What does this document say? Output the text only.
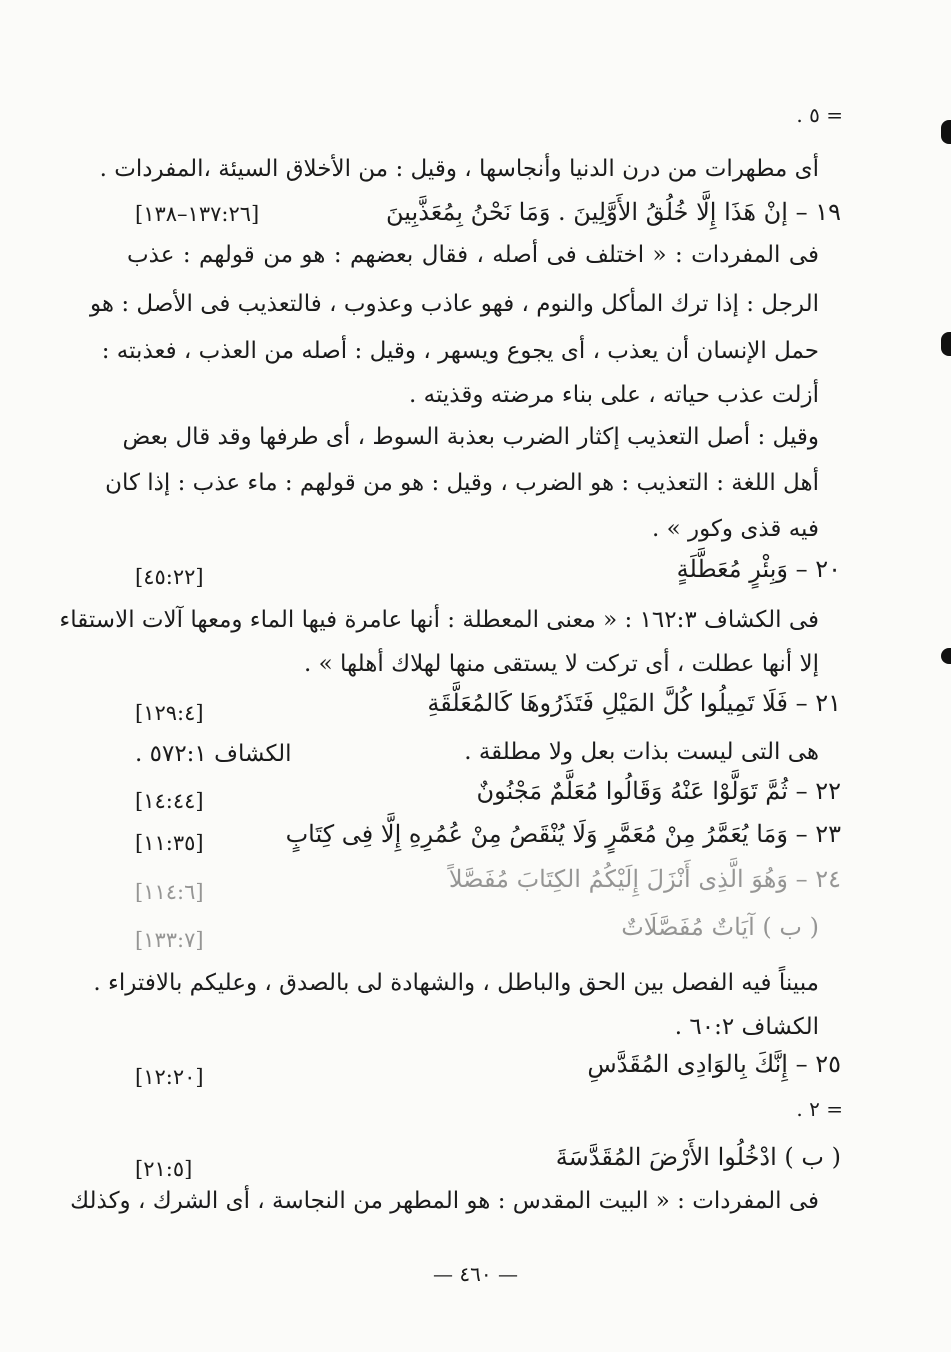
= ٥ .
أى مطهرات من درن الدنيا وأنجاسها ، وقيل : من الأخلاق السيئة ،المفردات .
١٩ – إنْ هَذَا إِلَّا خُلُقُ الأَوَّلِينَ . وَمَا نَحْنُ بِمُعَذَّبِينَ
[١٣٧:٢٦–١٣٨]
فى المفردات : « اختلف فى أصله ، فقال بعضهم : هو من قولهم : عذب
الرجل : إذا ترك المأكل والنوم ، فهو عاذب وعذوب ، فالتعذيب فى الأصل : هو
حمل الإنسان أن يعذب ، أى يجوع ويسهر ، وقيل : أصله من العذب ، فعذبته :
أزلت عذب حياته ، على بناء مرضته وقذيته .
وقيل : أصل التعذيب إكثار الضرب بعذبة السوط ، أى طرفها وقد قال بعض
أهل اللغة : التعذيب : هو الضرب ، وقيل : هو من قولهم : ماء عذب : إذا كان
فيه قذى وكور » .
٢٠ – وَبِئْرٍ مُعَطَّلَةٍ
[٤٥:٢٢]
فى الكشاف ١٦٢:٣ : « معنى المعطلة : أنها عامرة فيها الماء ومعها آلات الاستقاء
إلا أنها عطلت ، أى تركت لا يستقى منها لهلاك أهلها » .
٢١ – فَلَا تَمِيلُوا كُلَّ المَيْلِ فَتَذَرُوهَا كَالمُعَلَّقَةِ
[١٢٩:٤]
هى التى ليست بذات بعل ولا مطلقة .
الكشاف ٥٧٢:١ .
٢٢ – ثُمَّ تَوَلَّوْا عَنْهُ وَقَالُوا مُعَلَّمٌ مَجْنُونٌ
[١٤:٤٤]
٢٣ – وَمَا يُعَمَّرُ مِنْ مُعَمَّرٍ وَلَا يُنْقَصُ مِنْ عُمُرِهِ إِلَّا فِى كِتَابٍ
[١١:٣٥]
٢٤ – وَهُوَ الَّذِى أَنْزَلَ إِلَيْكُمُ الكِتَابَ مُفَصَّلاً
[١١٤:٦]
( ب ) آيَاتٌ مُفَصَّلَاتٌ
[١٣٣:٧]
مبيناً فيه الفصل بين الحق والباطل ، والشهادة لى بالصدق ، وعليكم بالافتراء .
الكشاف ٦٠:٢ .
٢٥ – إِنَّكَ بِالوَادِى المُقَدَّسِ
[١٢:٢٠]
= ٢ .
( ب ) ادْخُلُوا الأَرْضَ المُقَدَّسَةَ
[٢١:٥]
فى المفردات : « البيت المقدس : هو المطهر من النجاسة ، أى الشرك ، وكذلك
— ٤٦٠ —
